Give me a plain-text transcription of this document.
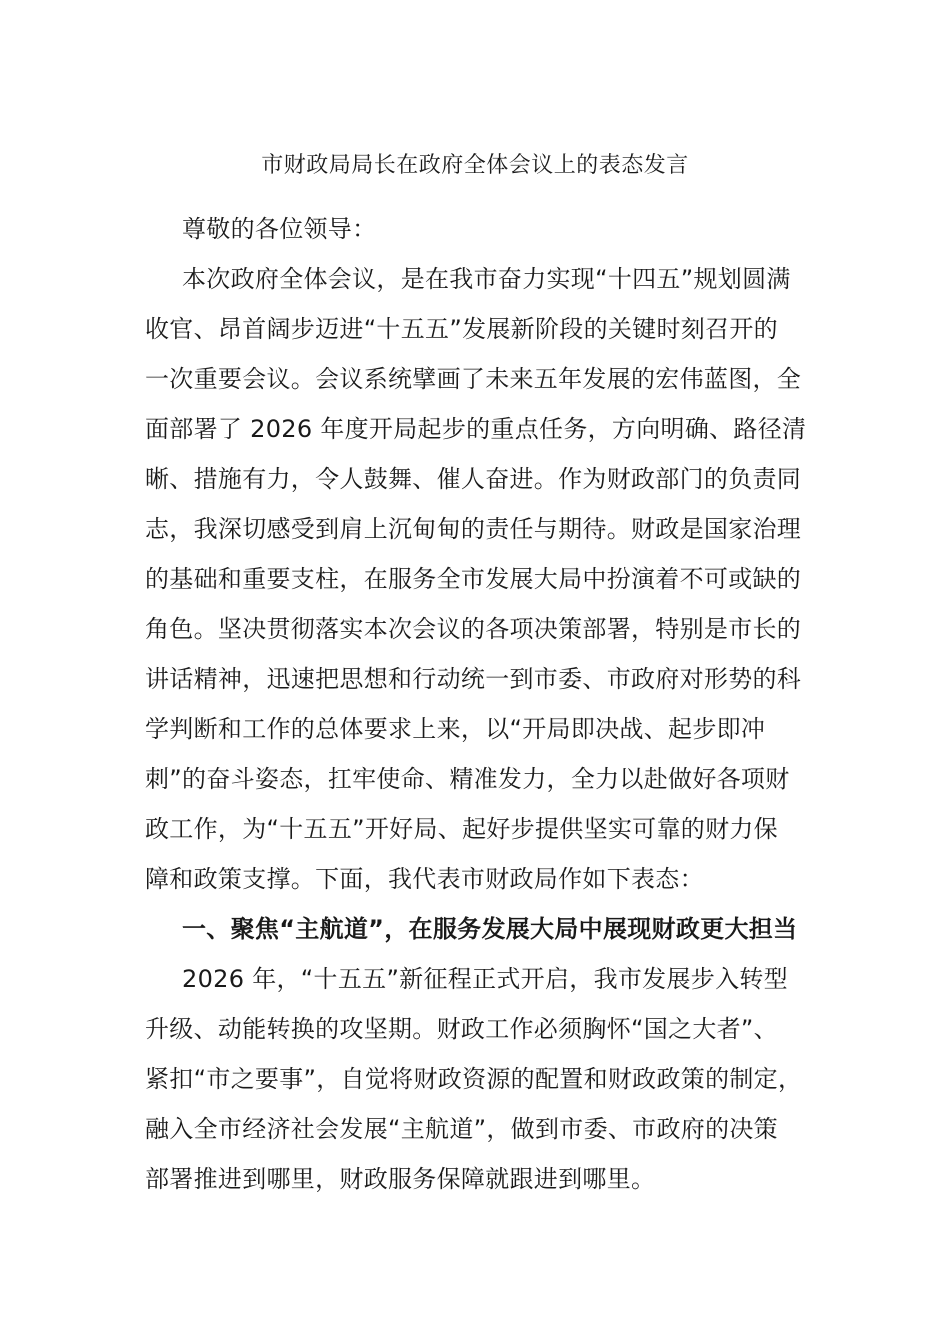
市财政局局长在政府全体会议上的表态发言

尊敬的各位领导：

本次政府全体会议，是在我市奋力实现“十四五”规划圆满

收官、昂首阔步迈进“十五五”发展新阶段的关键时刻召开的

一次重要会议。会议系统擘画了未来五年发展的宏伟蓝图，全

面部署了 2026 年度开局起步的重点任务，方向明确、路径清

晰、措施有力，令人鼓舞、催人奋进。作为财政部门的负责同

志，我深切感受到肩上沉甸甸的责任与期待。财政是国家治理

的基础和重要支柱，在服务全市发展大局中扮演着不可或缺的

角色。坚决贯彻落实本次会议的各项决策部署，特别是市长的

讲话精神，迅速把思想和行动统一到市委、市政府对形势的科

学判断和工作的总体要求上来，以“开局即决战、起步即冲

刺”的奋斗姿态，扛牢使命、精准发力，全力以赴做好各项财

政工作，为“十五五”开好局、起好步提供坚实可靠的财力保

障和政策支撑。下面，我代表市财政局作如下表态：

一、聚焦“主航道”，在服务发展大局中展现财政更大担当

2026 年，“十五五”新征程正式开启，我市发展步入转型

升级、动能转换的攻坚期。财政工作必须胸怀“国之大者”、

紧扣“市之要事”，自觉将财政资源的配置和财政政策的制定，

融入全市经济社会发展“主航道”，做到市委、市政府的决策

部署推进到哪里，财政服务保障就跟进到哪里。
